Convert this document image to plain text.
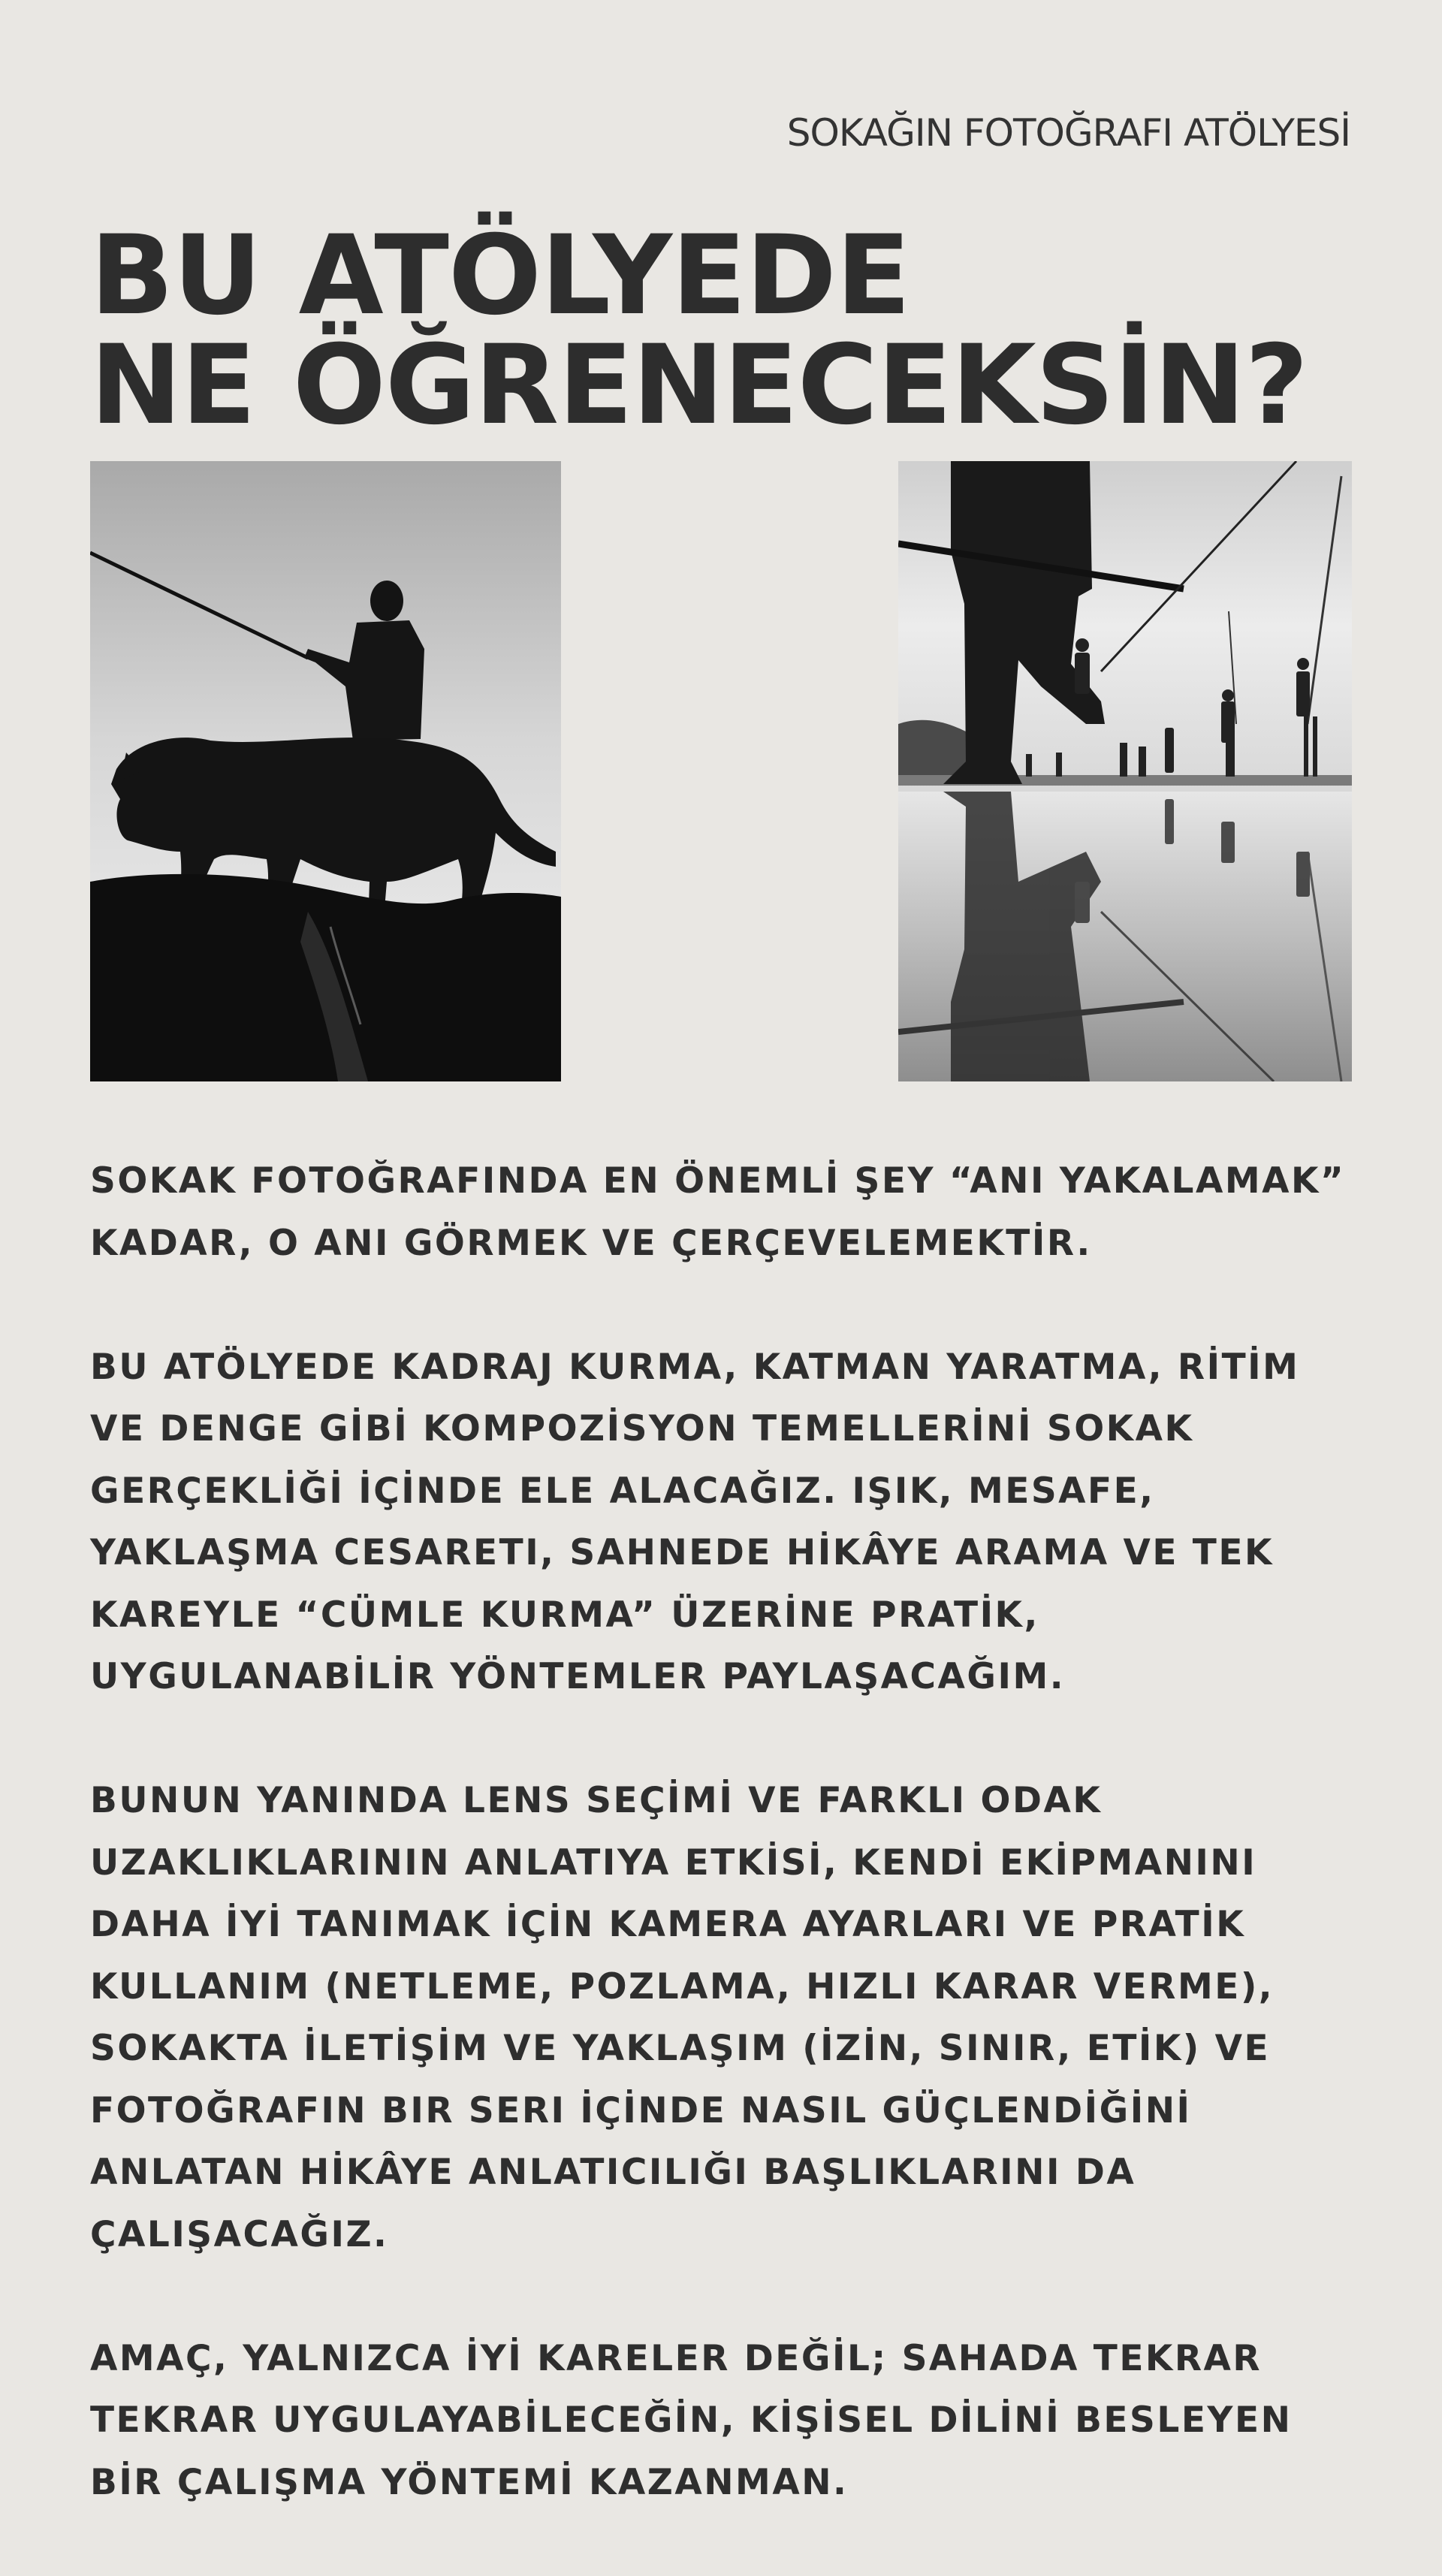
SOKAĞIN FOTOĞRAFI ATÖLYESİ
BU ATÖLYEDE
NE ÖĞRENECEKSİN?

SOKAK FOTOĞRAFINDA EN ÖNEMLİ ŞEY “ANI YAKALAMAK”
KADAR, O ANI GÖRMEK VE ÇERÇEVELEMEKTİR.

BU ATÖLYEDE KADRAJ KURMA, KATMAN YARATMA, RİTİM
VE DENGE GİBİ KOMPOZİSYON TEMELLERİNİ SOKAK
GERÇEKLİĞİ İÇİNDE ELE ALACAĞIZ. IŞIK, MESAFE,
YAKLAŞMA CESARETI, SAHNEDE HİKÂYE ARAMA VE TEK
KAREYLE “CÜMLE KURMA” ÜZERİNE PRATİK,
UYGULANABİLİR YÖNTEMLER PAYLAŞACAĞIM.

BUNUN YANINDA LENS SEÇİMİ VE FARKLI ODAK
UZAKLIKLARININ ANLATIYA ETKİSİ, KENDİ EKİPMANINI
DAHA İYİ TANIMAK İÇİN KAMERA AYARLARI VE PRATİK
KULLANIM (NETLEME, POZLAMA, HIZLI KARAR VERME),
SOKAKTA İLETİŞİM VE YAKLAŞIM (İZİN, SINIR, ETİK) VE
FOTOĞRAFIN BIR SERI İÇİNDE NASIL GÜÇLENDİĞİNİ
ANLATAN HİKÂYE ANLATICILIĞI BAŞLIKLARINI DA
ÇALIŞACAĞIZ.

AMAÇ, YALNIZCA İYİ KARELER DEĞİL; SAHADA TEKRAR
TEKRAR UYGULAYABİLECEĞİN, KİŞİSEL DİLİNİ BESLEYEN
BİR ÇALIŞMA YÖNTEMİ KAZANMAN.
